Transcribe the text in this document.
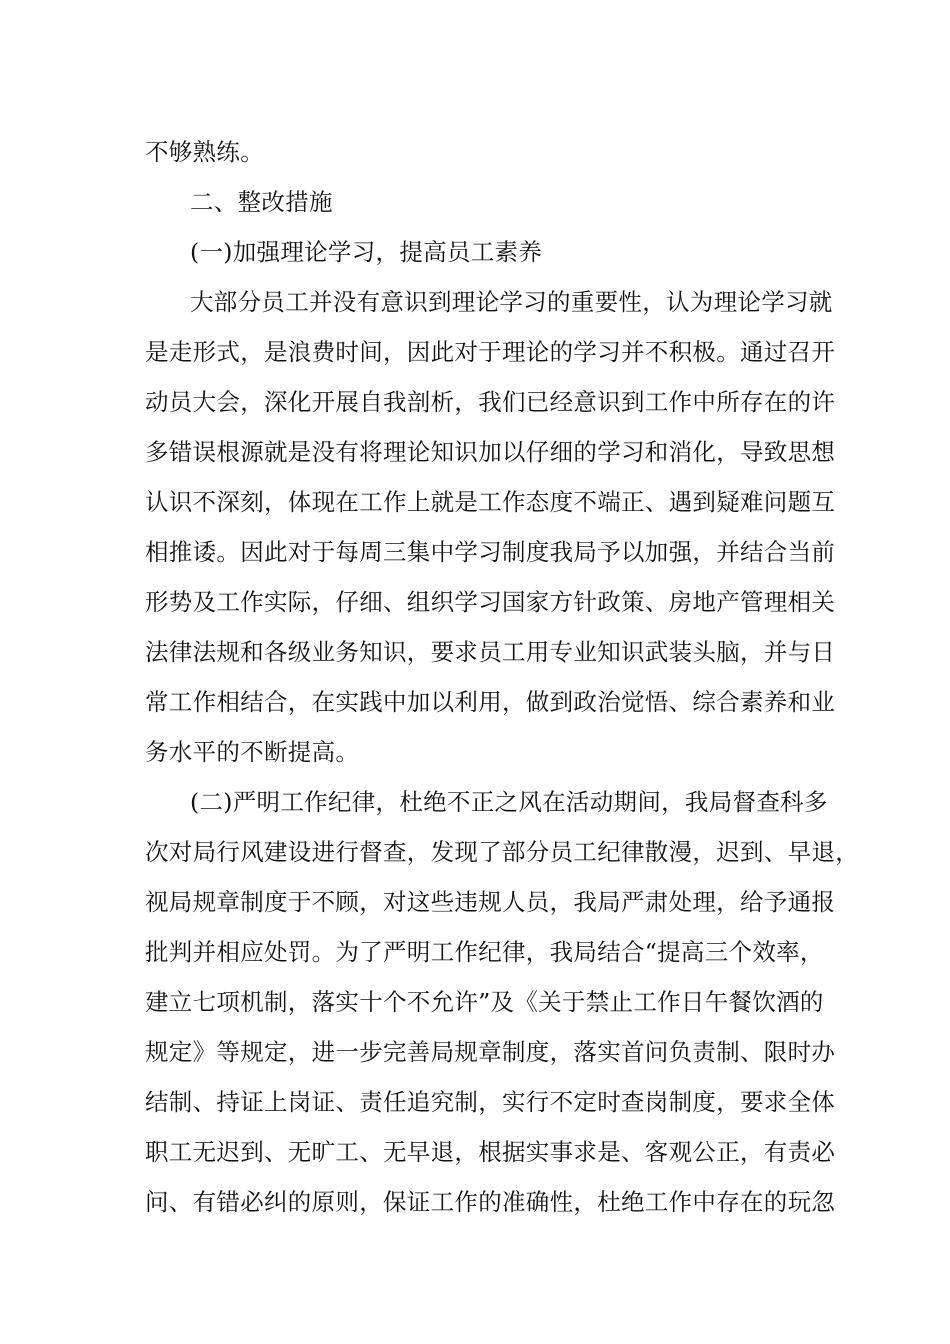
不够熟练。
二、整改措施
(一)加强理论学习，提高员工素养
大部分员工并没有意识到理论学习的重要性，认为理论学习就
是走形式，是浪费时间，因此对于理论的学习并不积极。通过召开
动员大会，深化开展自我剖析，我们已经意识到工作中所存在的许
多错误根源就是没有将理论知识加以仔细的学习和消化，导致思想
认识不深刻，体现在工作上就是工作态度不端正、遇到疑难问题互
相推诿。因此对于每周三集中学习制度我局予以加强，并结合当前
形势及工作实际，仔细、组织学习国家方针政策、房地产管理相关
法律法规和各级业务知识，要求员工用专业知识武装头脑，并与日
常工作相结合，在实践中加以利用，做到政治觉悟、综合素养和业
务水平的不断提高。
(二)严明工作纪律，杜绝不正之风在活动期间，我局督查科多
次对局行风建设进行督查，发现了部分员工纪律散漫，迟到、早退，
视局规章制度于不顾，对这些违规人员，我局严肃处理，给予通报
批判并相应处罚。为了严明工作纪律，我局结合“提高三个效率，
建立七项机制，落实十个不允许”及《关于禁止工作日午餐饮酒的
规定》等规定，进一步完善局规章制度，落实首问负责制、限时办
结制、持证上岗证、责任追究制，实行不定时查岗制度，要求全体
职工无迟到、无旷工、无早退，根据实事求是、客观公正，有责必
问、有错必纠的原则，保证工作的准确性，杜绝工作中存在的玩忽
